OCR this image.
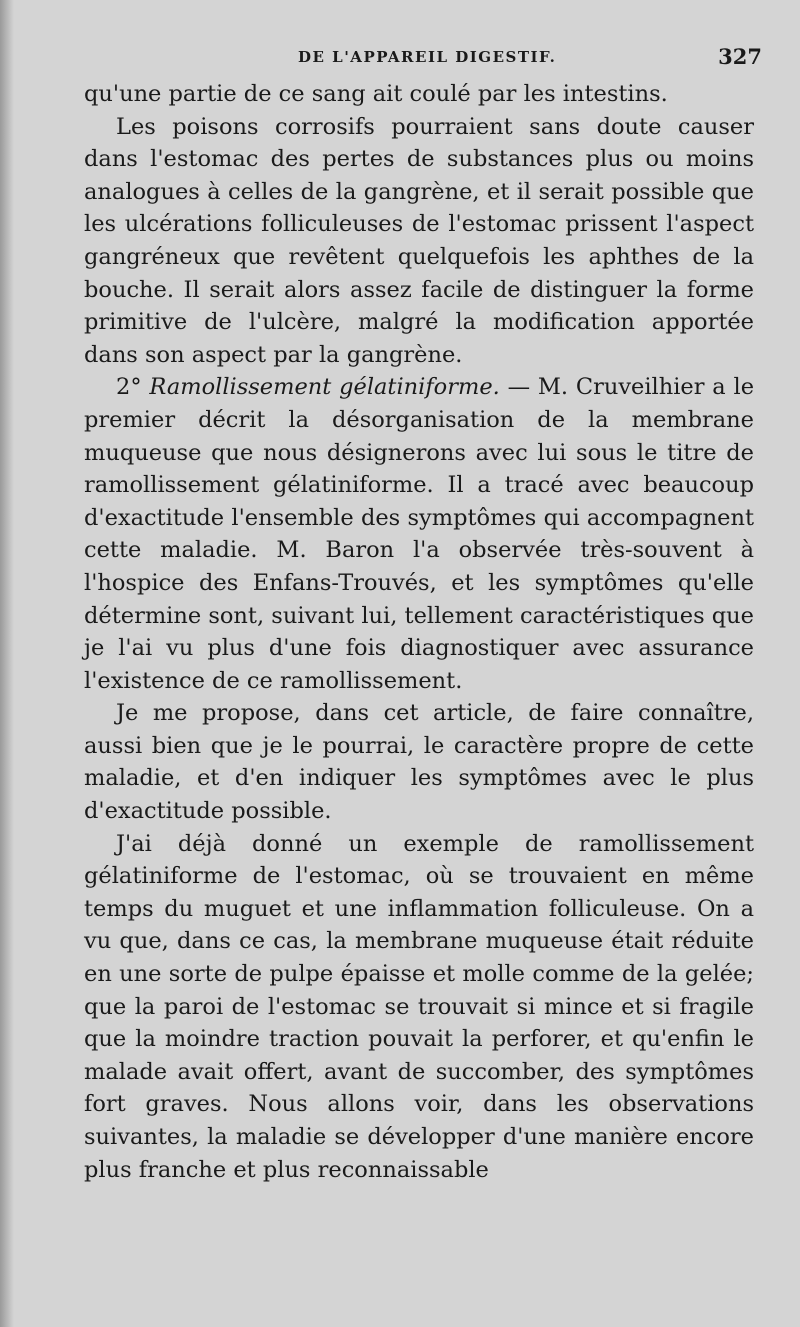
DE L'APPAREIL DIGESTIF.	327

qu'une partie de ce sang ait coulé par les intestins.

Les poisons corrosifs pourraient sans doute causer dans l'estomac des pertes de substances plus ou moins analogues à celles de la gangrène, et il serait possible que les ulcérations folliculeuses de l'estomac prissent l'aspect gangréneux que revêtent quelquefois les aphthes de la bouche. Il serait alors assez facile de distinguer la forme primitive de l'ulcère, malgré la modification apportée dans son aspect par la gangrène.

2° Ramollissement gélatiniforme. — M. Cruveilhier a le premier décrit la désorganisation de la membrane muqueuse que nous désignerons avec lui sous le titre de ramollissement gélatiniforme. Il a tracé avec beaucoup d'exactitude l'ensemble des symptômes qui accompagnent cette maladie. M. Baron l'a observée très-souvent à l'hospice des Enfans-Trouvés, et les symptômes qu'elle détermine sont, suivant lui, tellement caractéristiques que je l'ai vu plus d'une fois diagnostiquer avec assurance l'existence de ce ramollissement.

Je me propose, dans cet article, de faire connaître, aussi bien que je le pourrai, le caractère propre de cette maladie, et d'en indiquer les symptômes avec le plus d'exactitude possible.

J'ai déjà donné un exemple de ramollissement gélatiniforme de l'estomac, où se trouvaient en même temps du muguet et une inflammation folliculeuse. On a vu que, dans ce cas, la membrane muqueuse était réduite en une sorte de pulpe épaisse et molle comme de la gelée; que la paroi de l'estomac se trouvait si mince et si fragile que la moindre traction pouvait la perforer, et qu'enfin le malade avait offert, avant de succomber, des symptômes fort graves. Nous allons voir, dans les observations suivantes, la maladie se développer d'une manière encore plus franche et plus reconnaissable
